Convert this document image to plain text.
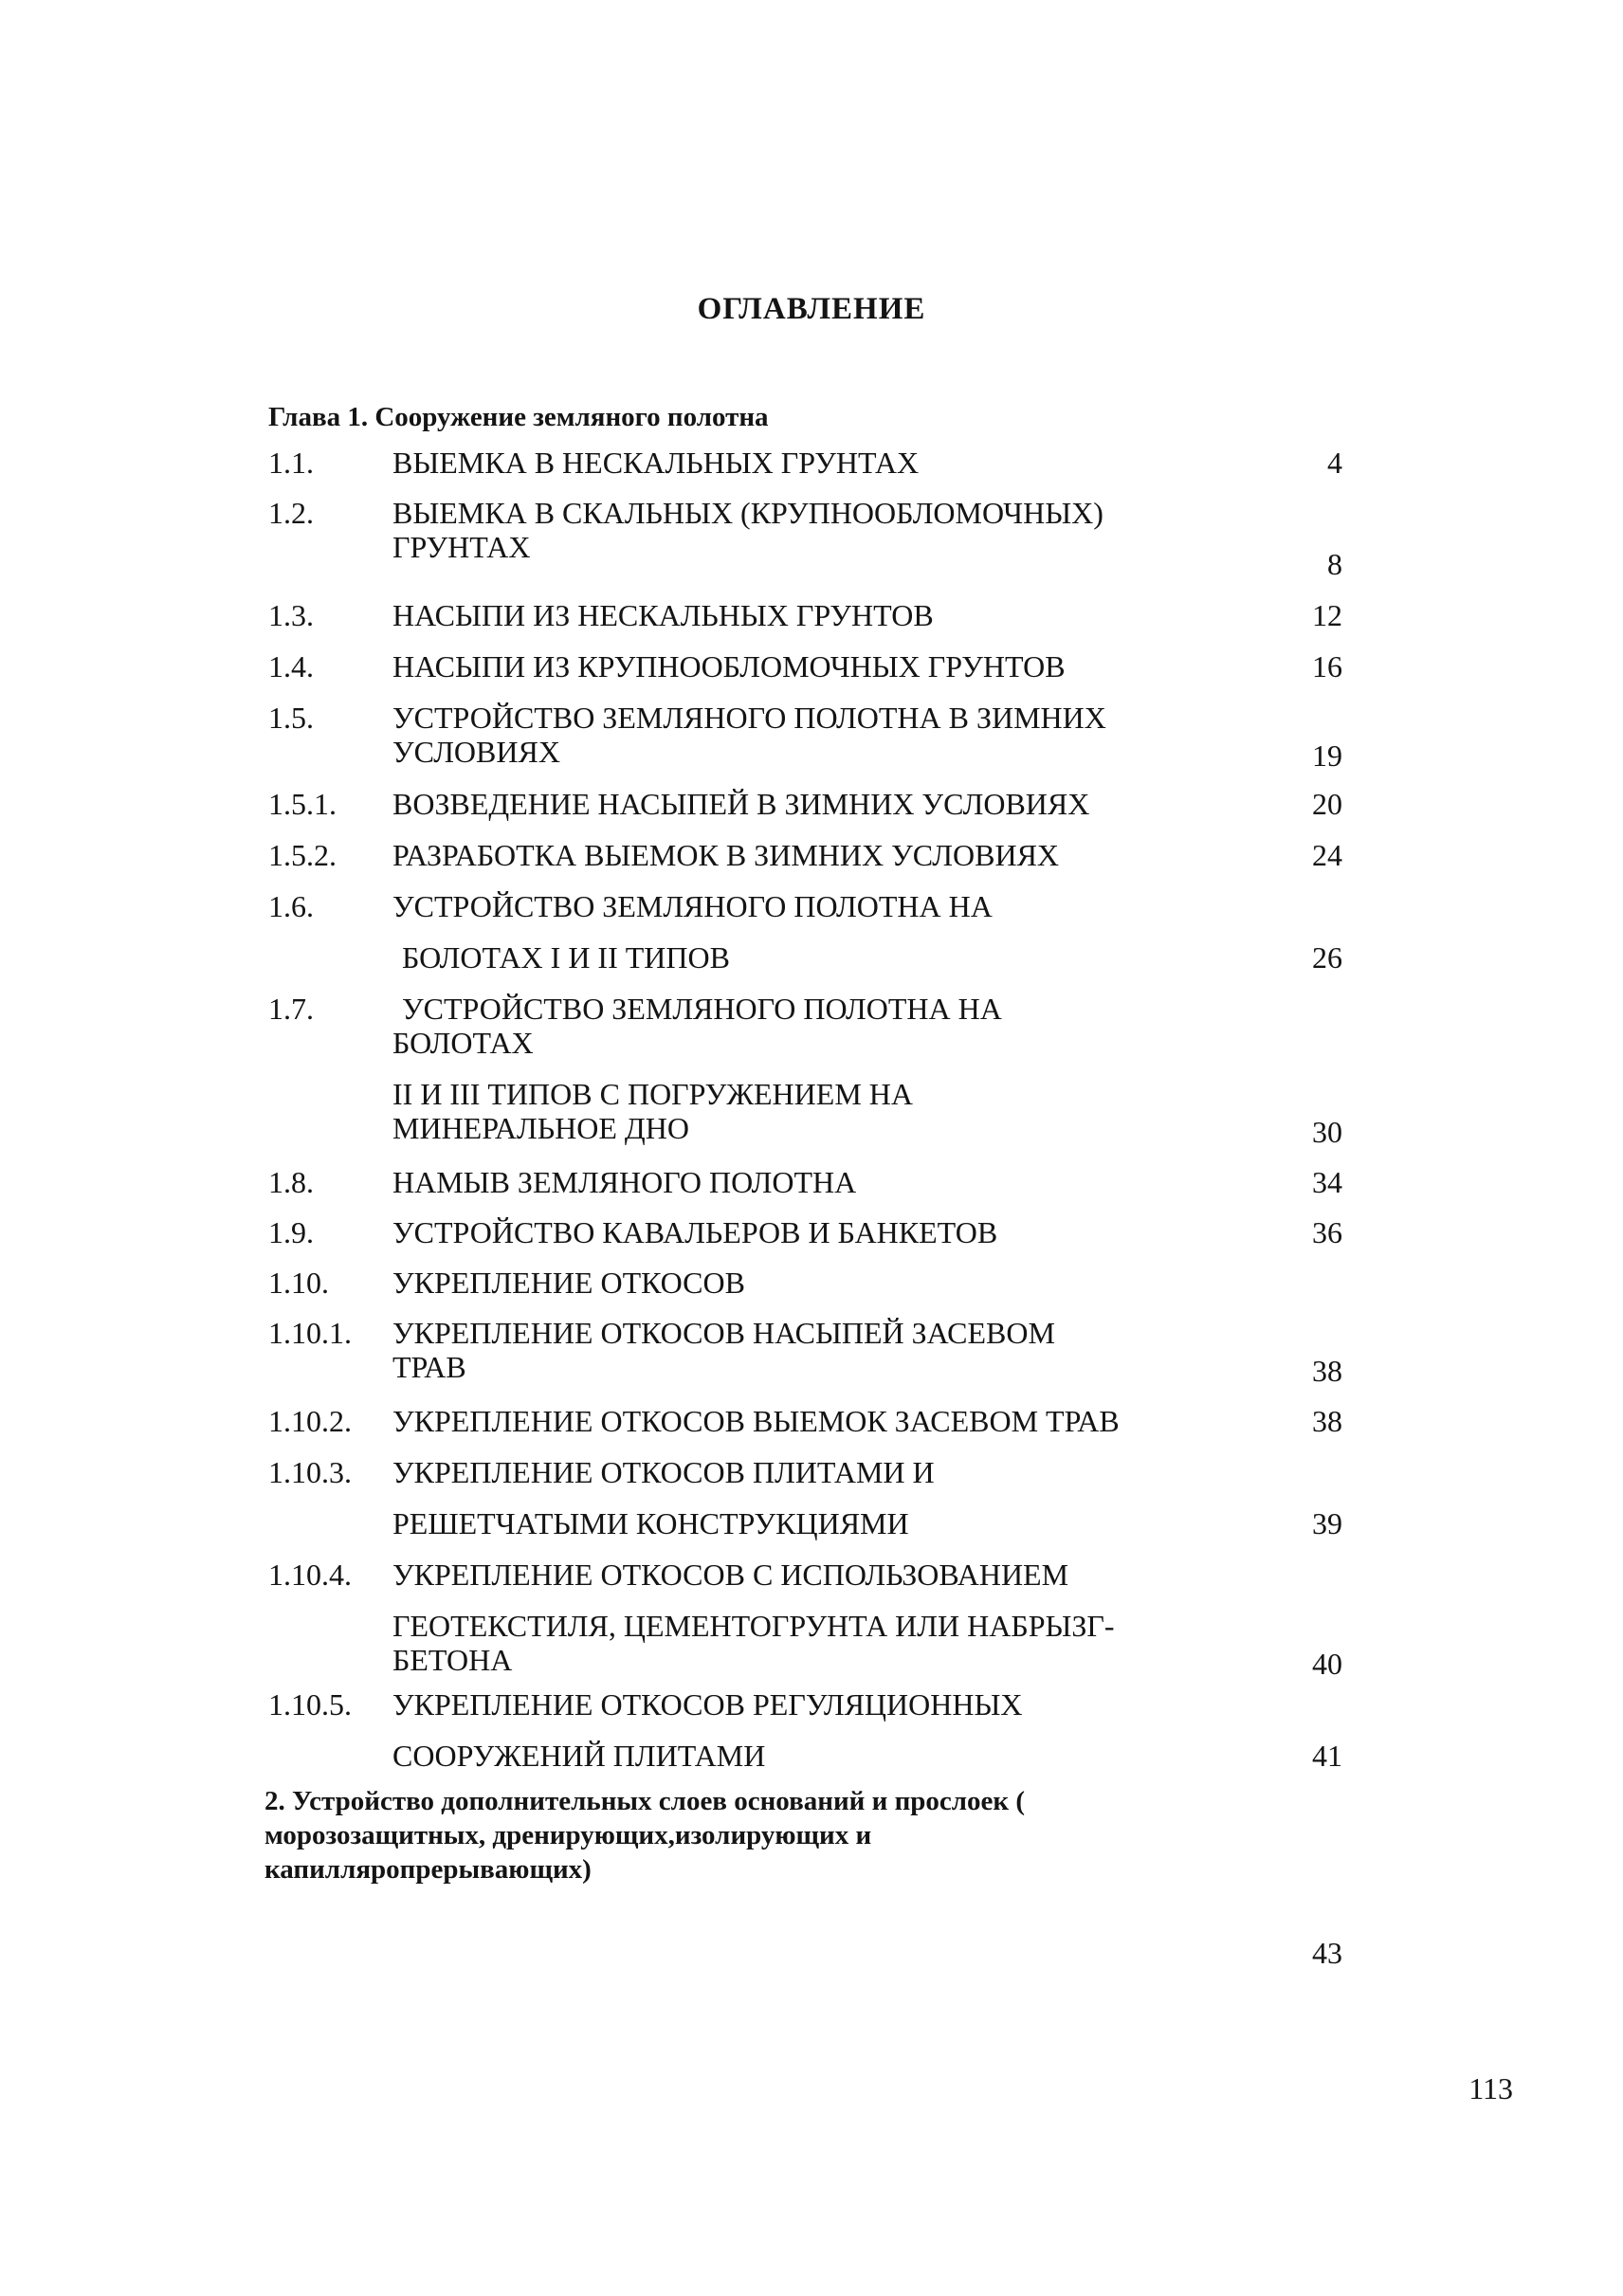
ОГЛАВЛЕНИЕ
Глава 1. Сооружение земляного полотна
1.1.	ВЫЕМКА В НЕСКАЛЬНЫХ ГРУНТАХ	4
1.2.	ВЫЕМКА В СКАЛЬНЫХ (КРУПНООБЛОМОЧНЫХ) ГРУНТАХ	8
1.3.	НАСЫПИ ИЗ НЕСКАЛЬНЫХ ГРУНТОВ	12
1.4.	НАСЫПИ ИЗ КРУПНООБЛОМОЧНЫХ ГРУНТОВ	16
1.5.	УСТРОЙСТВО ЗЕМЛЯНОГО ПОЛОТНА В ЗИМНИХ УСЛОВИЯХ	19
1.5.1. ВОЗВЕДЕНИЕ НАСЫПЕЙ В ЗИМНИХ УСЛОВИЯХ	20
1.5.2. РАЗРАБОТКА ВЫЕМОК В ЗИМНИХ УСЛОВИЯХ	24
1.6.	УСТРОЙСТВО ЗЕМЛЯНОГО ПОЛОТНА НА
БОЛОТАХ I И II ТИПОВ	26
1.7.	УСТРОЙСТВО ЗЕМЛЯНОГО ПОЛОТНА НА БОЛОТАХ
II И III ТИПОВ С ПОГРУЖЕНИЕМ НА МИНЕРАЛЬНОЕ ДНО	30
1.8.	НАМЫВ ЗЕМЛЯНОГО ПОЛОТНА	34
1.9.	УСТРОЙСТВО КАВАЛЬЕРОВ И БАНКЕТОВ	36
1.10. УКРЕПЛЕНИЕ ОТКОСОВ
1.10.1. УКРЕПЛЕНИЕ ОТКОСОВ НАСЫПЕЙ ЗАСЕВОМ ТРАВ	38
1.10.2. УКРЕПЛЕНИЕ ОТКОСОВ ВЫЕМОК ЗАСЕВОМ ТРАВ	38
1.10.3. УКРЕПЛЕНИЕ ОТКОСОВ ПЛИТАМИ И
РЕШЕТЧАТЫМИ КОНСТРУКЦИЯМИ	39
1.10.4. УКРЕПЛЕНИЕ ОТКОСОВ С ИСПОЛЬЗОВАНИЕМ
ГЕОТЕКСТИЛЯ, ЦЕМЕНТОГРУНТА ИЛИ НАБРЫЗГ-БЕТОНА	40
1.10.5. УКРЕПЛЕНИЕ ОТКОСОВ РЕГУЛЯЦИОННЫХ
СООРУЖЕНИЙ ПЛИТАМИ	41
2. Устройство дополнительных слоев оснований и прослоек ( морозозащитных, дренирующих,изолирующих и капилляропрерывающих)
43
113
